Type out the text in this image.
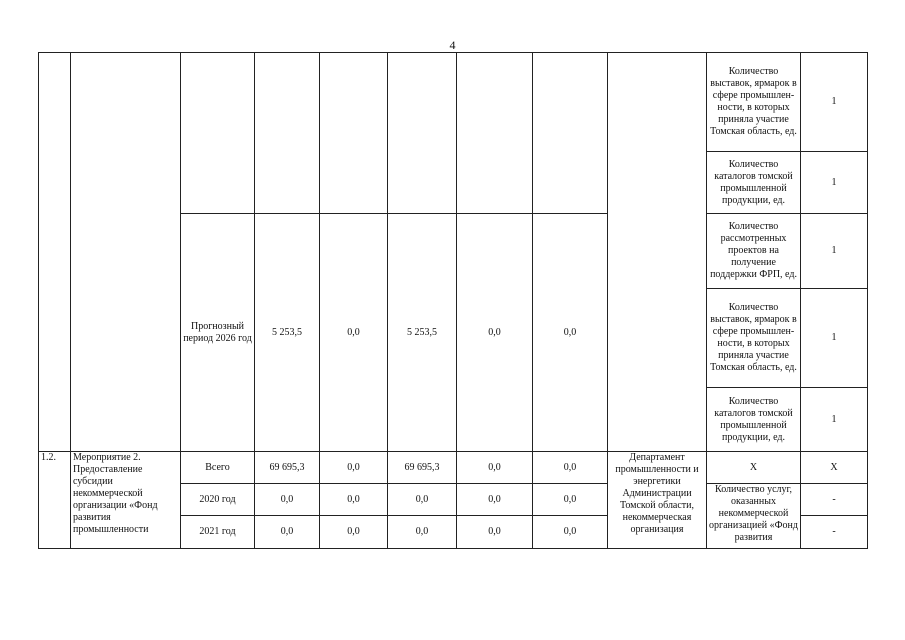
4
									Количество выставок, ярмарок в сфере промышлен-ности, в которых приняла участие Томская область, ед.	1
									Количество каталогов томской промышленной продукции, ед.	1
		Прогнозный период 2026 год	5 253,5	0,0	5 253,5	0,0	0,0		Количество рассмотренных проектов на получение поддержки ФРП, ед.	1
									Количество выставок, ярмарок в сфере промышлен-ности, в которых приняла участие Томская область, ед.	1
									Количество каталогов томской промышленной продукции, ед.	1

1.2.	Мероприятие 2. Предоставление субсидии некоммерческой организации «Фонд развития промышленности	Всего	69 695,3	0,0	69 695,3	0,0	0,0	Департамент промышленности и энергетики Администрации Томской области, некоммерческая организация	Х	Х
		2020 год	0,0	0,0	0,0	0,0	0,0		Количество услуг, оказанных некоммерческой организацией «Фонд развития	-
		2021 год	0,0	0,0	0,0	0,0	0,0			-
